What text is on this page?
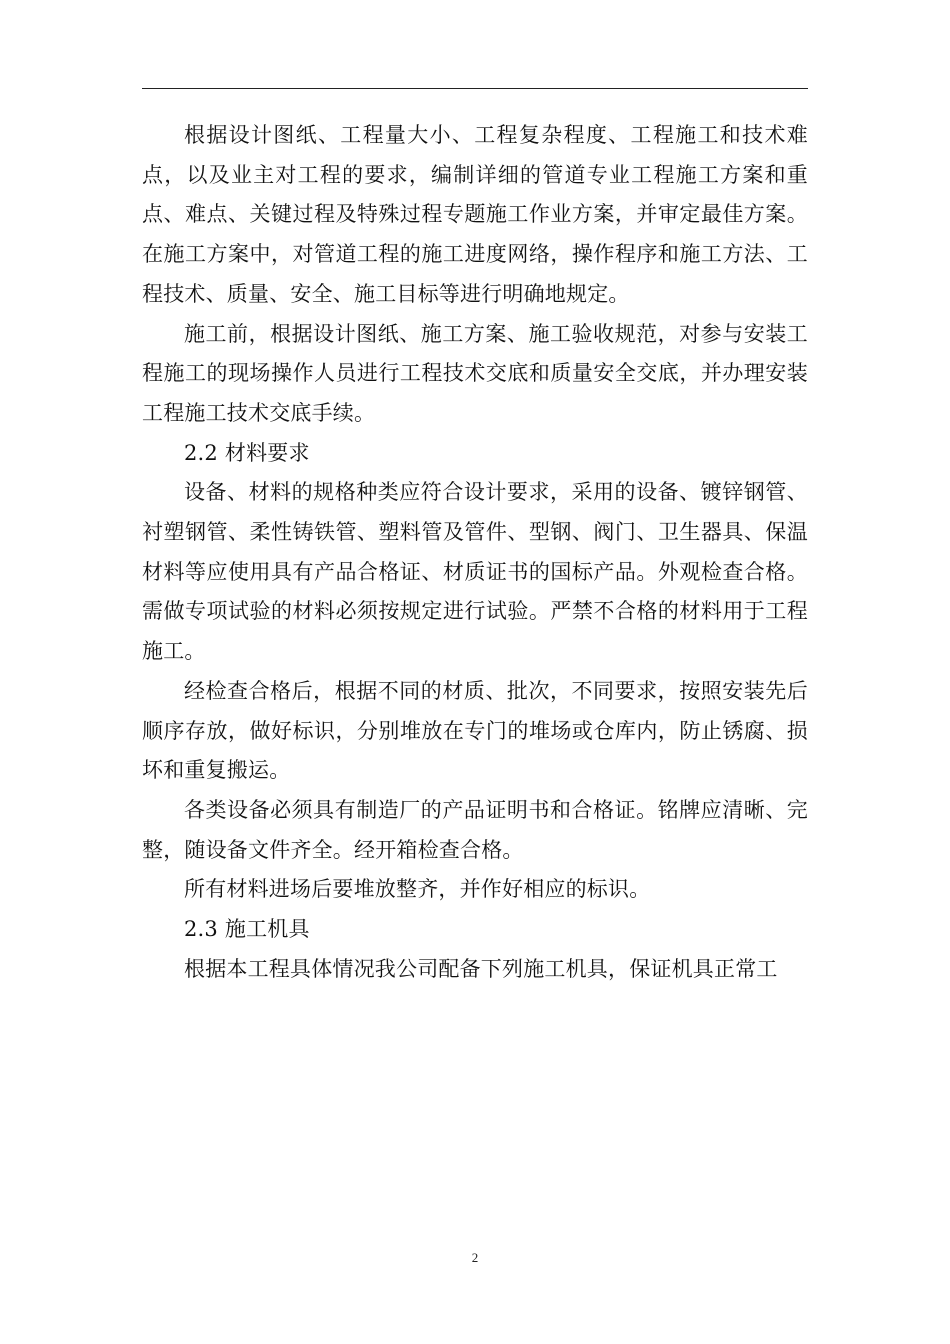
根据设计图纸、工程量大小、工程复杂程度、工程施工和技术难点，以及业主对工程的要求，编制详细的管道专业工程施工方案和重点、难点、关键过程及特殊过程专题施工作业方案，并审定最佳方案。在施工方案中，对管道工程的施工进度网络，操作程序和施工方法、工程技术、质量、安全、施工目标等进行明确地规定。

施工前，根据设计图纸、施工方案、施工验收规范，对参与安装工程施工的现场操作人员进行工程技术交底和质量安全交底，并办理安装工程施工技术交底手续。

2.2 材料要求

设备、材料的规格种类应符合设计要求，采用的设备、镀锌钢管、衬塑钢管、柔性铸铁管、塑料管及管件、型钢、阀门、卫生器具、保温材料等应使用具有产品合格证、材质证书的国标产品。外观检查合格。需做专项试验的材料必须按规定进行试验。严禁不合格的材料用于工程施工。

经检查合格后，根据不同的材质、批次，不同要求，按照安装先后顺序存放，做好标识，分别堆放在专门的堆场或仓库内，防止锈腐、损坏和重复搬运。

各类设备必须具有制造厂的产品证明书和合格证。铭牌应清晰、完整，随设备文件齐全。经开箱检查合格。

所有材料进场后要堆放整齐，并作好相应的标识。

2.3 施工机具

根据本工程具体情况我公司配备下列施工机具，保证机具正常工

2
